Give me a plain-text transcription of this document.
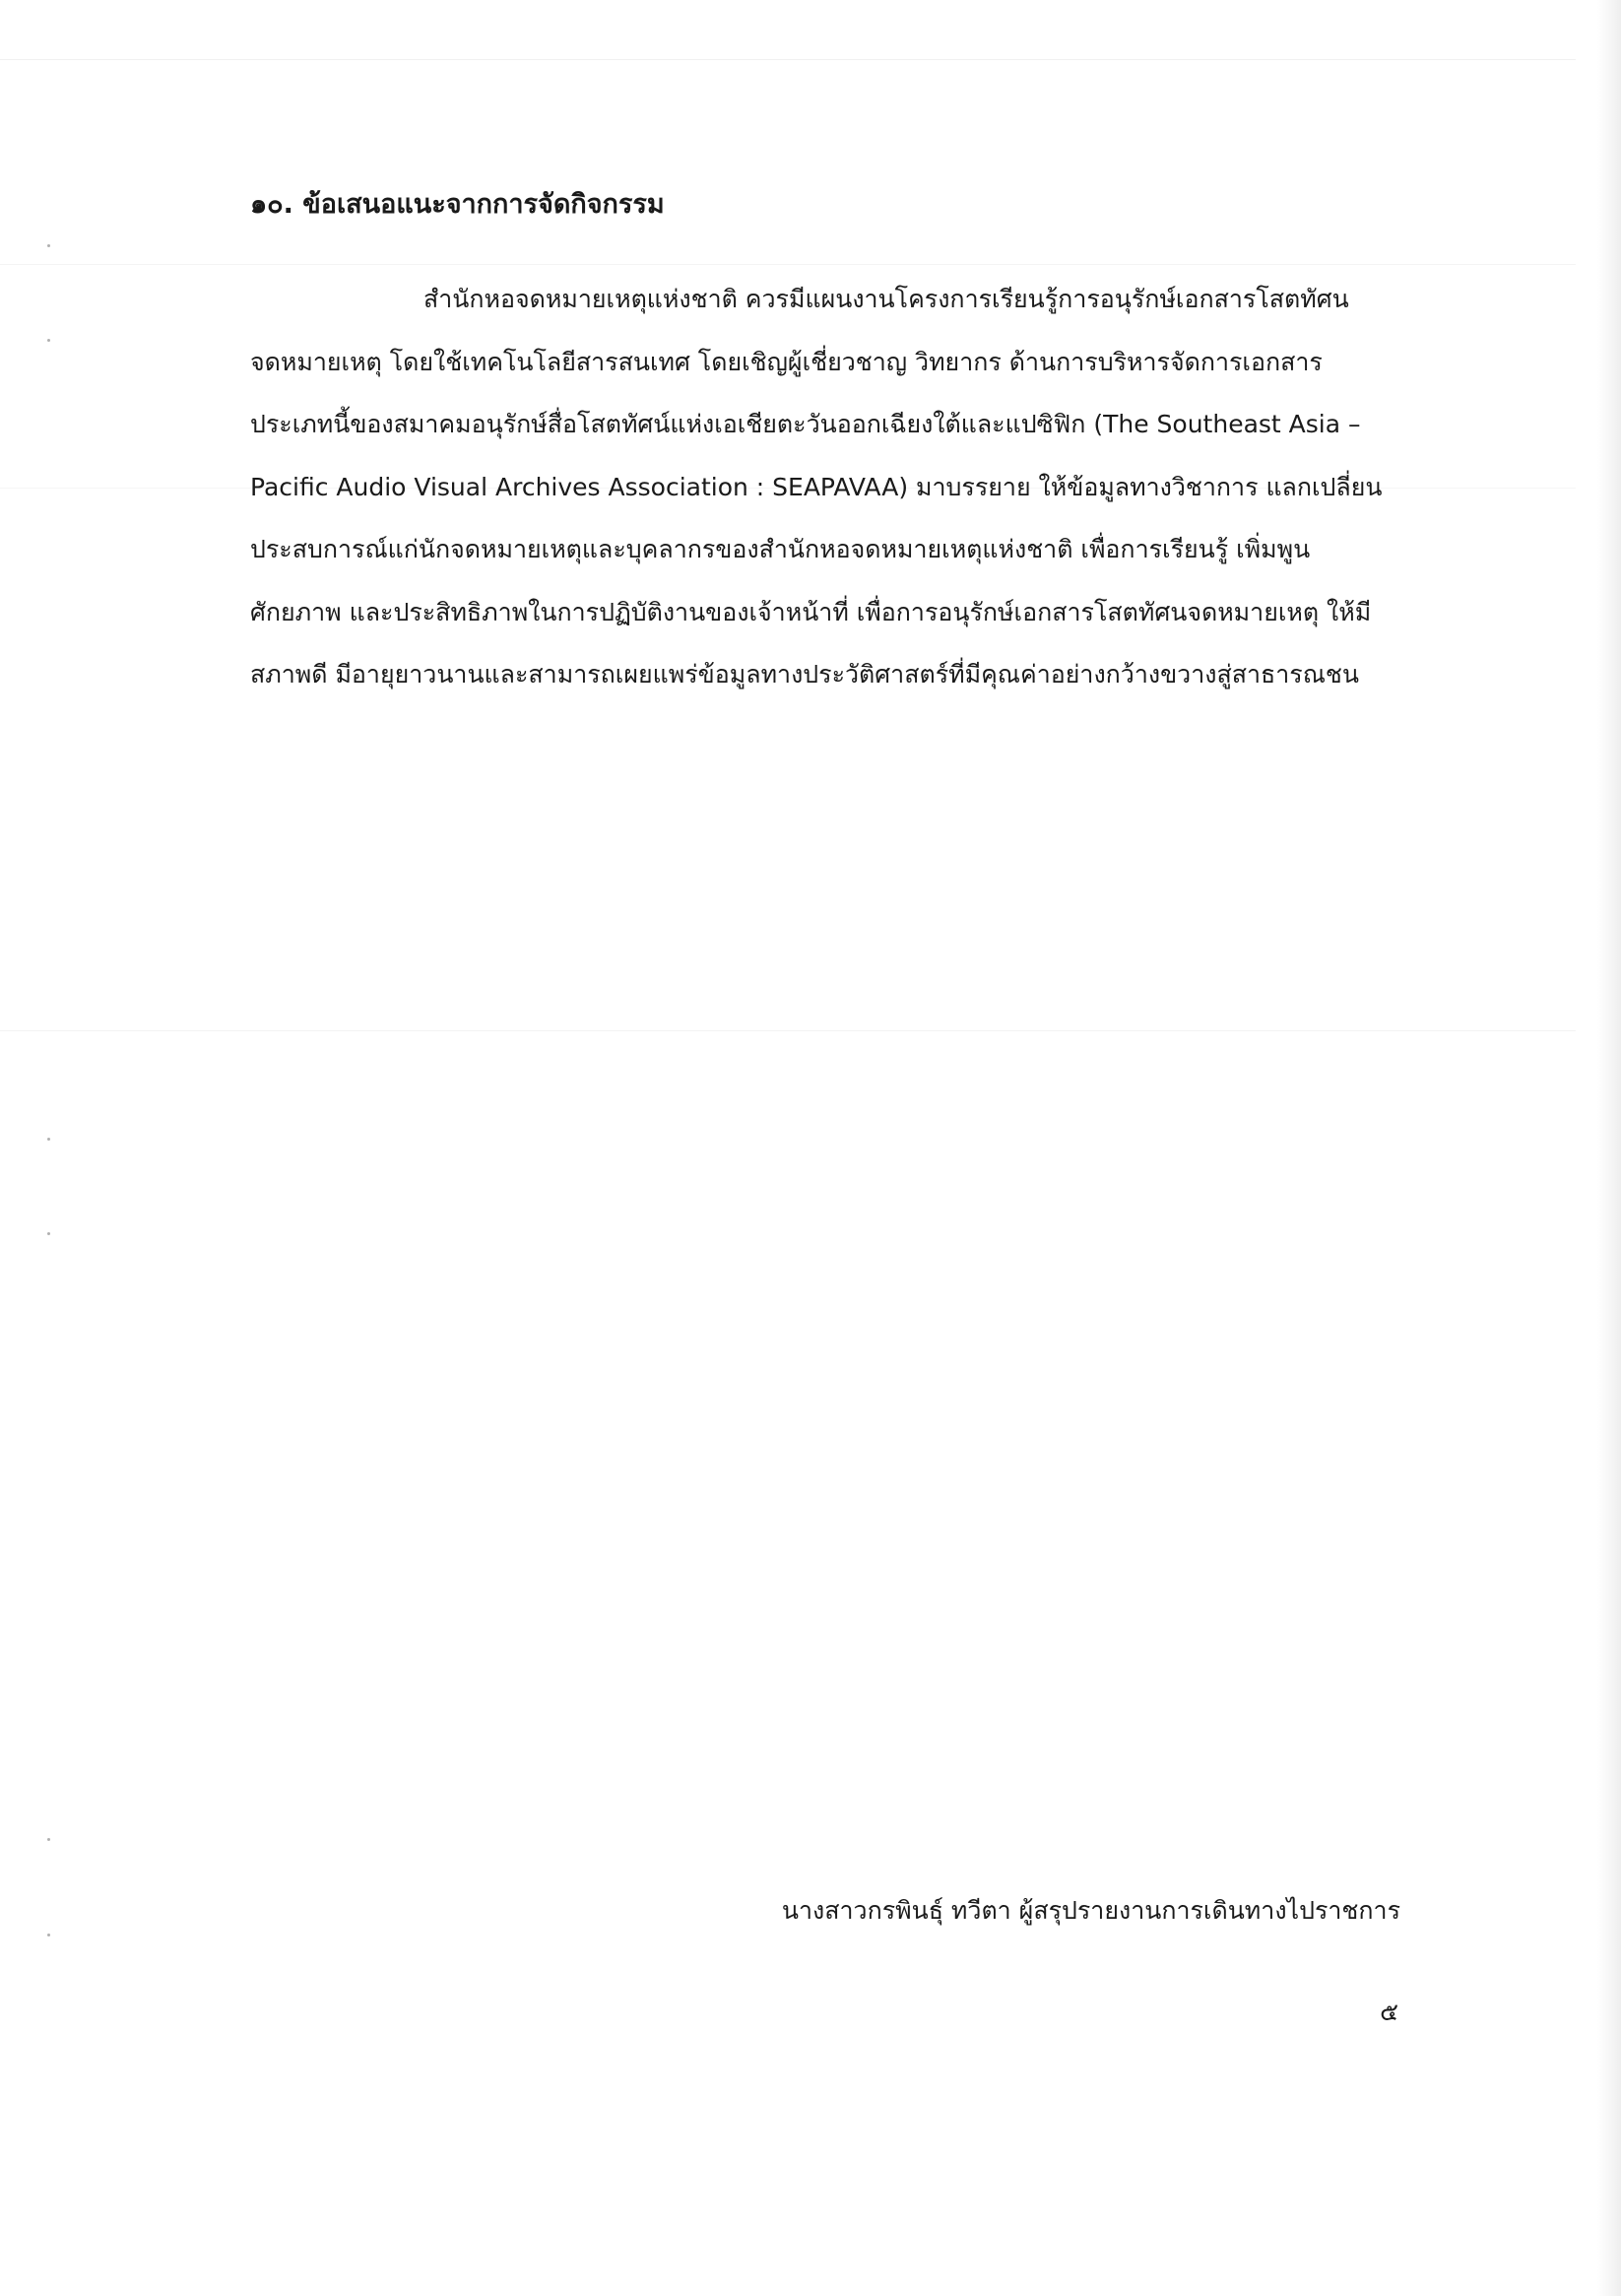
๑๐. ข้อเสนอแนะจากการจัดกิจกรรม
สำนักหอจดหมายเหตุแห่งชาติ ควรมีแผนงานโครงการเรียนรู้การอนุรักษ์เอกสารโสตทัศน
จดหมายเหตุ โดยใช้เทคโนโลยีสารสนเทศ โดยเชิญผู้เชี่ยวชาญ วิทยากร ด้านการบริหารจัดการเอกสาร
ประเภทนี้ของสมาคมอนุรักษ์สื่อโสตทัศน์แห่งเอเชียตะวันออกเฉียงใต้และแปซิฟิก (The Southeast Asia –
Pacific Audio Visual Archives Association : SEAPAVAA) มาบรรยาย ให้ข้อมูลทางวิชาการ แลกเปลี่ยน
ประสบการณ์แก่นักจดหมายเหตุและบุคลากรของสำนักหอจดหมายเหตุแห่งชาติ เพื่อการเรียนรู้ เพิ่มพูน
ศักยภาพ และประสิทธิภาพในการปฏิบัติงานของเจ้าหน้าที่ เพื่อการอนุรักษ์เอกสารโสตทัศนจดหมายเหตุ ให้มี
สภาพดี มีอายุยาวนานและสามารถเผยแพร่ข้อมูลทางประวัติศาสตร์ที่มีคุณค่าอย่างกว้างขวางสู่สาธารณชน
นางสาวกรพินธุ์ ทวีตา ผู้สรุปรายงานการเดินทางไปราชการ
๕
